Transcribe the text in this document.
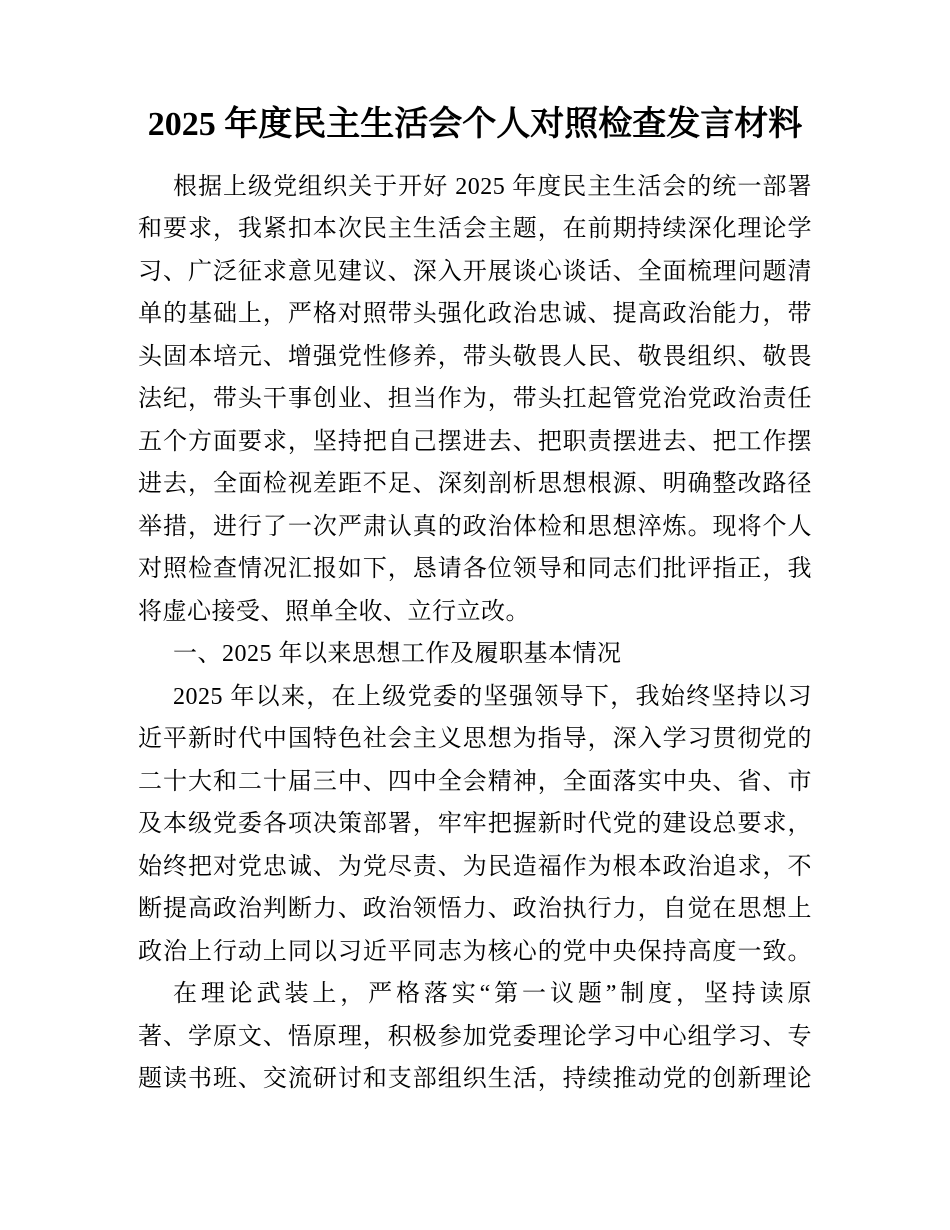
2025 年度民主生活会个人对照检查发言材料
根据上级党组织关于开好 2025 年度民主生活会的统一部署
和要求，我紧扣本次民主生活会主题，在前期持续深化理论学
习、广泛征求意见建议、深入开展谈心谈话、全面梳理问题清
单的基础上，严格对照带头强化政治忠诚、提高政治能力，带
头固本培元、增强党性修养，带头敬畏人民、敬畏组织、敬畏
法纪，带头干事创业、担当作为，带头扛起管党治党政治责任
五个方面要求，坚持把自己摆进去、把职责摆进去、把工作摆
进去，全面检视差距不足、深刻剖析思想根源、明确整改路径
举措，进行了一次严肃认真的政治体检和思想淬炼。现将个人
对照检查情况汇报如下，恳请各位领导和同志们批评指正，我
将虚心接受、照单全收、立行立改。
一、2025 年以来思想工作及履职基本情况
2025 年以来，在上级党委的坚强领导下，我始终坚持以习
近平新时代中国特色社会主义思想为指导，深入学习贯彻党的
二十大和二十届三中、四中全会精神，全面落实中央、省、市
及本级党委各项决策部署，牢牢把握新时代党的建设总要求，
始终把对党忠诚、为党尽责、为民造福作为根本政治追求，不
断提高政治判断力、政治领悟力、政治执行力，自觉在思想上
政治上行动上同以习近平同志为核心的党中央保持高度一致。
在理论武装上，严格落实“第一议题”制度，坚持读原
著、学原文、悟原理，积极参加党委理论学习中心组学习、专
题读书班、交流研讨和支部组织生活，持续推动党的创新理论
